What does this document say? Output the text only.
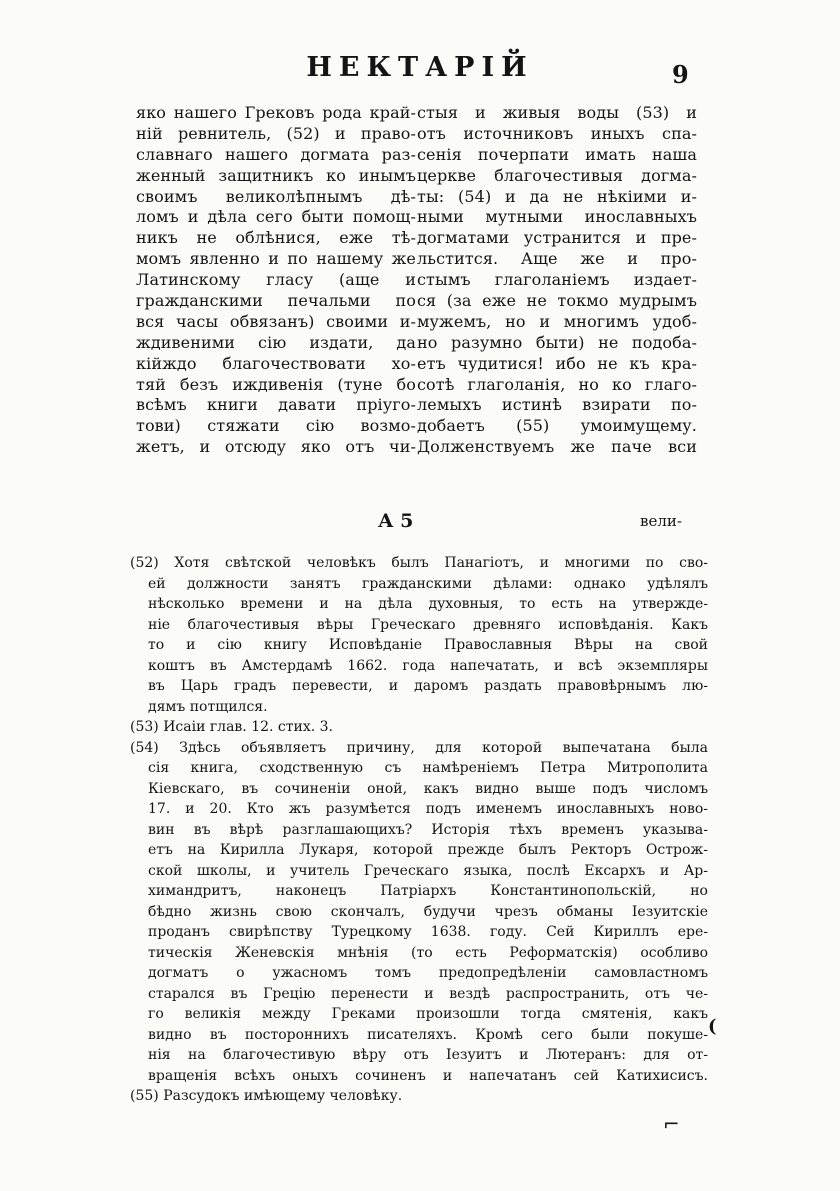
НЕКТАРІЙ	9
яко нашего Грековъ рода край-
ній ревнитель, (52) и право-
славнаго нашего догмата раз-
женный защитникъ ко инымъ
своимъ великолѣпнымъ дѣ-
ломъ и дѣла сего быти помощ-
никъ не облѣнися, еже тѣ-
момъ явленно и по нашему же
Латинскому гласу (аще и
гражданскими печальми по
вся часы обвязанъ) своими и-
ждивеними сію издати, да
кійждо благочествовати хо-
тяй безъ иждивенія (туне бо
всѣмъ книги давати пріуго-
тови) стяжати сію возмо-
жетъ, и отсюду яко отъ чи-
стыя и живыя воды (53) и
отъ источниковъ иныхъ спа-
сенія почерпати имать наша
церкве благочестивыя догма-
ты: (54) и да не нѣкіими и-
ными мутными инославныхъ
догматами устранится и пре-
льстится. Аще же и про-
стымъ глаголаніемъ издает-
ся (за еже не токмо мудрымъ
мужемъ, но и многимъ удоб-
но разумно быти) не подоба-
етъ чудитися! ибо не къ кра-
сотѣ глаголанія, но ко глаго-
лемыхъ истинѣ взирати по-
добаетъ (55) умоимущему.
Долженствуемъ же паче вси
А 5	вели-
(52) Хотя свѣтской человѣкъ былъ Панагіотъ, и многими по сво-
ей должности занятъ гражданскими дѣлами: однако удѣлялъ
нѣсколько времени и на дѣла духовныя, то есть на утвержде-
ніе благочестивыя вѣры Греческаго древняго исповѣданія. Какъ
то и сію книгу Исповѣданіе Православныя Вѣры на свой
коштъ въ Амстердамѣ 1662. года напечатать, и всѣ экземпляры
въ Царь градъ перевести, и даромъ раздать правовѣрнымъ лю-
дямъ потщился.
(53) Исаіи глав. 12. стих. 3.
(54) Здѣсь объявляетъ причину, для которой выпечатана была
сія книга, сходственную съ намѣреніемъ Петра Митрополита
Кіевскаго, въ сочиненіи оной, какъ видно выше подъ числомъ
17. и 20. Кто жъ разумѣется подъ именемъ инославныхъ ново-
вин въ вѣрѣ разглашающихъ? Исторія тѣхъ временъ указыва-
етъ на Кирилла Лукаря, которой прежде былъ Ректоръ Острож-
ской школы, и учитель Греческаго языка, послѣ Ексархъ и Ар-
химандритъ, наконецъ Патріархъ Константинопольскій, но
бѣдно жизнь свою скончалъ, будучи чрезъ обманы Іезуитскіе
проданъ свирѣпству Турецкому 1638. году. Сей Кириллъ ере-
тическія Женевскія мнѣнія (то есть Реформатскія) особливо
догматъ о ужасномъ томъ предопредѣленіи самовластномъ
старался въ Грецію перенести и вездѣ распространить, отъ че-
го великія между Греками произошли тогда смятенія, какъ
видно въ постороннихъ писателяхъ. Кромѣ сего были покуше-
нія на благочестивую вѣру отъ Іезуитъ и Лютеранъ: для от-
вращенія всѣхъ оныхъ сочиненъ и напечатанъ сей Катихисисъ.
(55) Разсудокъ имѣющему человѣку.
(
⌐
